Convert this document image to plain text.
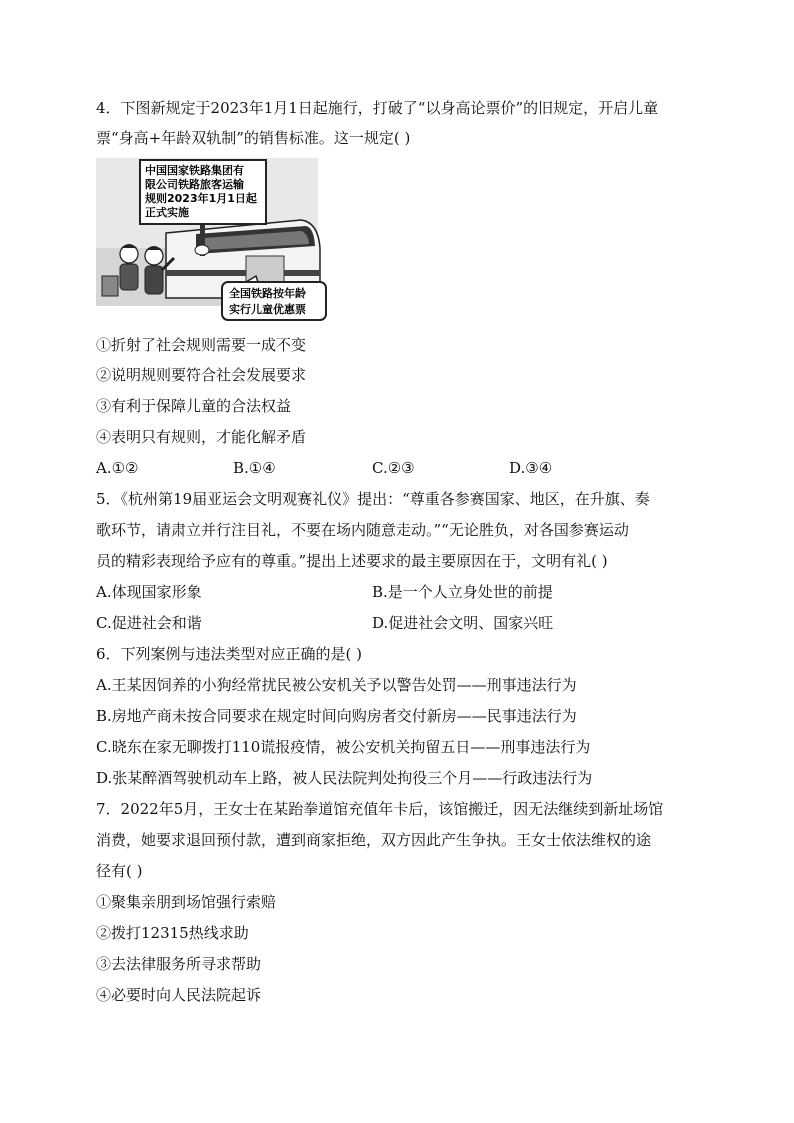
4．下图新规定于2023年1月1日起施行，打破了“以身高论票价”的旧规定，开启儿童
票“身高+年龄双轨制”的销售标准。这一规定( )
中国国家铁路集团有
限公司铁路旅客运输
规则2023年1月1日起
正式实施
全国铁路按年龄
实行儿童优惠票
①折射了社会规则需要一成不变
②说明规则要符合社会发展要求
③有利于保障儿童的合法权益
④表明只有规则，才能化解矛盾
A.①②	B.①④	C.②③	D.③④
5．《杭州第19届亚运会文明观赛礼仪》提出：“尊重各参赛国家、地区，在升旗、奏
歌环节，请肃立并行注目礼，不要在场内随意走动。”“无论胜负，对各国参赛运动
员的精彩表现给予应有的尊重。”提出上述要求的最主要原因在于，文明有礼( )
A.体现国家形象	B.是一个人立身处世的前提
C.促进社会和谐	D.促进社会文明、国家兴旺
6．下列案例与违法类型对应正确的是( )
A.王某因饲养的小狗经常扰民被公安机关予以警告处罚——刑事违法行为
B.房地产商未按合同要求在规定时间向购房者交付新房——民事违法行为
C.晓东在家无聊拨打110谎报疫情，被公安机关拘留五日——刑事违法行为
D.张某醉酒驾驶机动车上路，被人民法院判处拘役三个月——行政违法行为
7．2022年5月，王女士在某跆拳道馆充值年卡后，该馆搬迁，因无法继续到新址场馆
消费，她要求退回预付款，遭到商家拒绝，双方因此产生争执。王女士依法维权的途
径有( )
①聚集亲朋到场馆强行索赔
②拨打12315热线求助
③去法律服务所寻求帮助
④必要时向人民法院起诉
